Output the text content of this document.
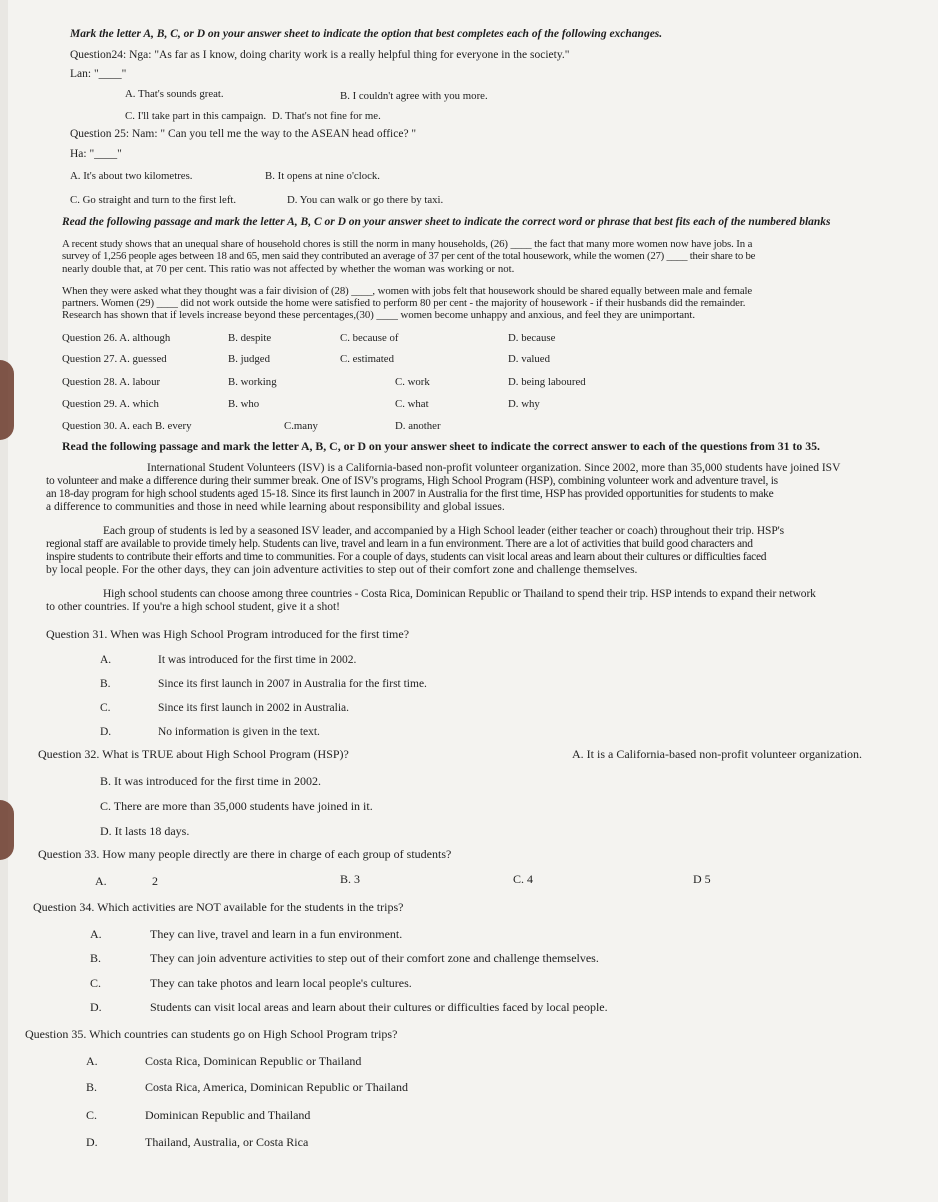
Mark the letter A, B, C, or D on your answer sheet to indicate the option that best completes each of the following exchanges.
Question24: Nga: "As far as I know, doing charity work is a really helpful thing for everyone in the society."
Lan: "____"
A. That's sounds great.	B. I couldn't agree with you more.
C. I'll take part in this campaign. D. That's not fine for me.
Question 25: Nam: " Can you tell me the way to the ASEAN head office? "
Ha: "____"
A. It's about two kilometres.	B. It opens at nine o'clock.
C. Go straight and turn to the first left.	D. You can walk or go there by taxi.
Read the following passage and mark the letter A, B, C or D on your answer sheet to indicate the correct word or phrase that best fits each of the numbered blanks
A recent study shows that an unequal share of household chores is still the norm in many households, (26) ____ the fact that many more women now have jobs. In a
survey of 1,256 people ages between 18 and 65, men said they contributed an average of 37 per cent of the total housework, while the women (27) ____ their share to be
nearly double that, at 70 per cent. This ratio was not affected by whether the woman was working or not.
When they were asked what they thought was a fair division of (28) ____, women with jobs felt that housework should be shared equally between male and female
partners. Women (29) ____ did not work outside the home were satisfied to perform 80 per cent - the majority of housework - if their husbands did the remainder.
Research has shown that if levels increase beyond these percentages,(30) ____ women become unhappy and anxious, and feel they are unimportant.
Question 26. A. although	B. despite	C. because of	D. because
Question 27. A. guessed	B. judged	C. estimated	D. valued
Question 28. A. labour	B. working	C. work	D. being laboured
Question 29. A. which	B. who	C. what	D. why
Question 30. A. each B. every	C.many	D. another
Read the following passage and mark the letter A, B, C, or D on your answer sheet to indicate the correct answer to each of the questions from 31 to 35.
International Student Volunteers (ISV) is a California-based non-profit volunteer organization. Since 2002, more than 35,000 students have joined ISV
to volunteer and make a difference during their summer break. One of ISV's programs, High School Program (HSP), combining volunteer work and adventure travel, is
an 18-day program for high school students aged 15-18. Since its first launch in 2007 in Australia for the first time, HSP has provided opportunities for students to make
a difference to communities and those in need while learning about responsibility and global issues.
Each group of students is led by a seasoned ISV leader, and accompanied by a High School leader (either teacher or coach) throughout their trip. HSP's
regional staff are available to provide timely help. Students can live, travel and learn in a fun environment. There are a lot of activities that build good characters and
inspire students to contribute their efforts and time to communities. For a couple of days, students can visit local areas and learn about their cultures or difficulties faced
by local people. For the other days, they can join adventure activities to step out of their comfort zone and challenge themselves.
High school students can choose among three countries - Costa Rica, Dominican Republic or Thailand to spend their trip. HSP intends to expand their network
to other countries. If you're a high school student, give it a shot!
Question 31. When was High School Program introduced for the first time?
A.	It was introduced for the first time in 2002.
B.	Since its first launch in 2007 in Australia for the first time.
C.	Since its first launch in 2002 in Australia.
D.	No information is given in the text.
Question 32. What is TRUE about High School Program (HSP)?	A. It is a California-based non-profit volunteer organization.
B. It was introduced for the first time in 2002.
C. There are more than 35,000 students have joined in it.
D. It lasts 18 days.
Question 33. How many people directly are there in charge of each group of students?
A.	2	B. 3	C. 4	D 5
Question 34. Which activities are NOT available for the students in the trips?
A.	They can live, travel and learn in a fun environment.
B.	They can join adventure activities to step out of their comfort zone and challenge themselves.
C.	They can take photos and learn local people's cultures.
D.	Students can visit local areas and learn about their cultures or difficulties faced by local people.
Question 35. Which countries can students go on High School Program trips?
A.	Costa Rica, Dominican Republic or Thailand
B.	Costa Rica, America, Dominican Republic or Thailand
C.	Dominican Republic and Thailand
D.	Thailand, Australia, or Costa Rica
